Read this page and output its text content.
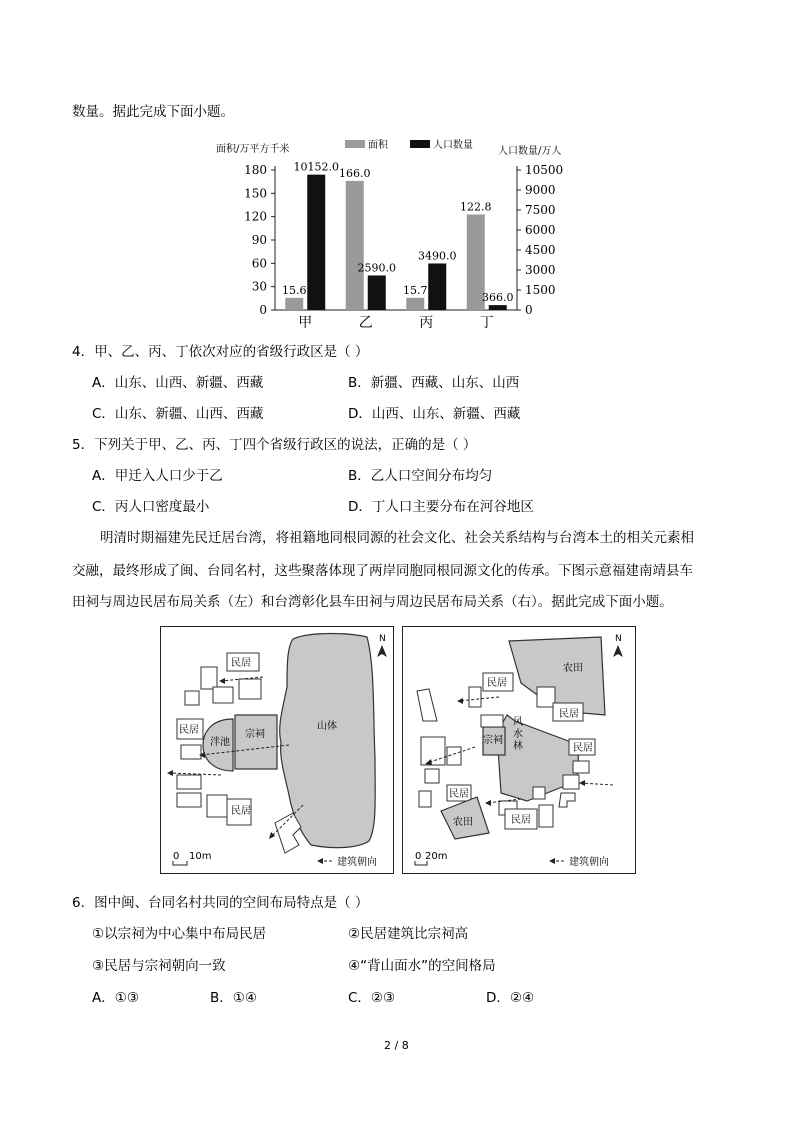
数量。据此完成下面小题。
面积/万平方千米	人口数量/万人
面积	人口数量
0
30
60
90
120
150
180
0
1500
3000
4500
6000
7500
9000
10500
15.6
10152.0
甲
166.0
2590.0
乙
15.7
3490.0
丙
122.8
366.0
丁
4．甲、乙、丙、丁依次对应的省级行政区是（ ）
A．山东、山西、新疆、西藏	B．新疆、西藏、山东、山西
C．山东、新疆、山西、西藏	D．山西、山东、新疆、西藏
5．下列关于甲、乙、丙、丁四个省级行政区的说法，正确的是（ ）
A．甲迁入人口少于乙	B．乙人口空间分布均匀
C．丙人口密度最小	D．丁人口主要分布在河谷地区
明清时期福建先民迁居台湾，将祖籍地同根同源的社会文化、社会关系结构与台湾本土的相关元素相
交融，最终形成了闽、台同名村，这些聚落体现了两岸同胞同根同源文化的传承。下图示意福建南靖县车
田祠与周边民居布局关系（左）和台湾彰化县车田祠与周边民居布局关系（右）。据此完成下面小题。
山体
宗祠
泮池
民居
民居
民居
N
0 10m
建筑朝向
农田
风
水
林
宗祠
民居
民居
民居
民居
民居
农田
N
0 20m
建筑朝向
6．图中闽、台同名村共同的空间布局特点是（ ）
①以宗祠为中心集中布局民居	②民居建筑比宗祠高
③民居与宗祠朝向一致	④“背山面水”的空间格局
A．①③	B．①④	C．②③	D．②④
2 / 8
